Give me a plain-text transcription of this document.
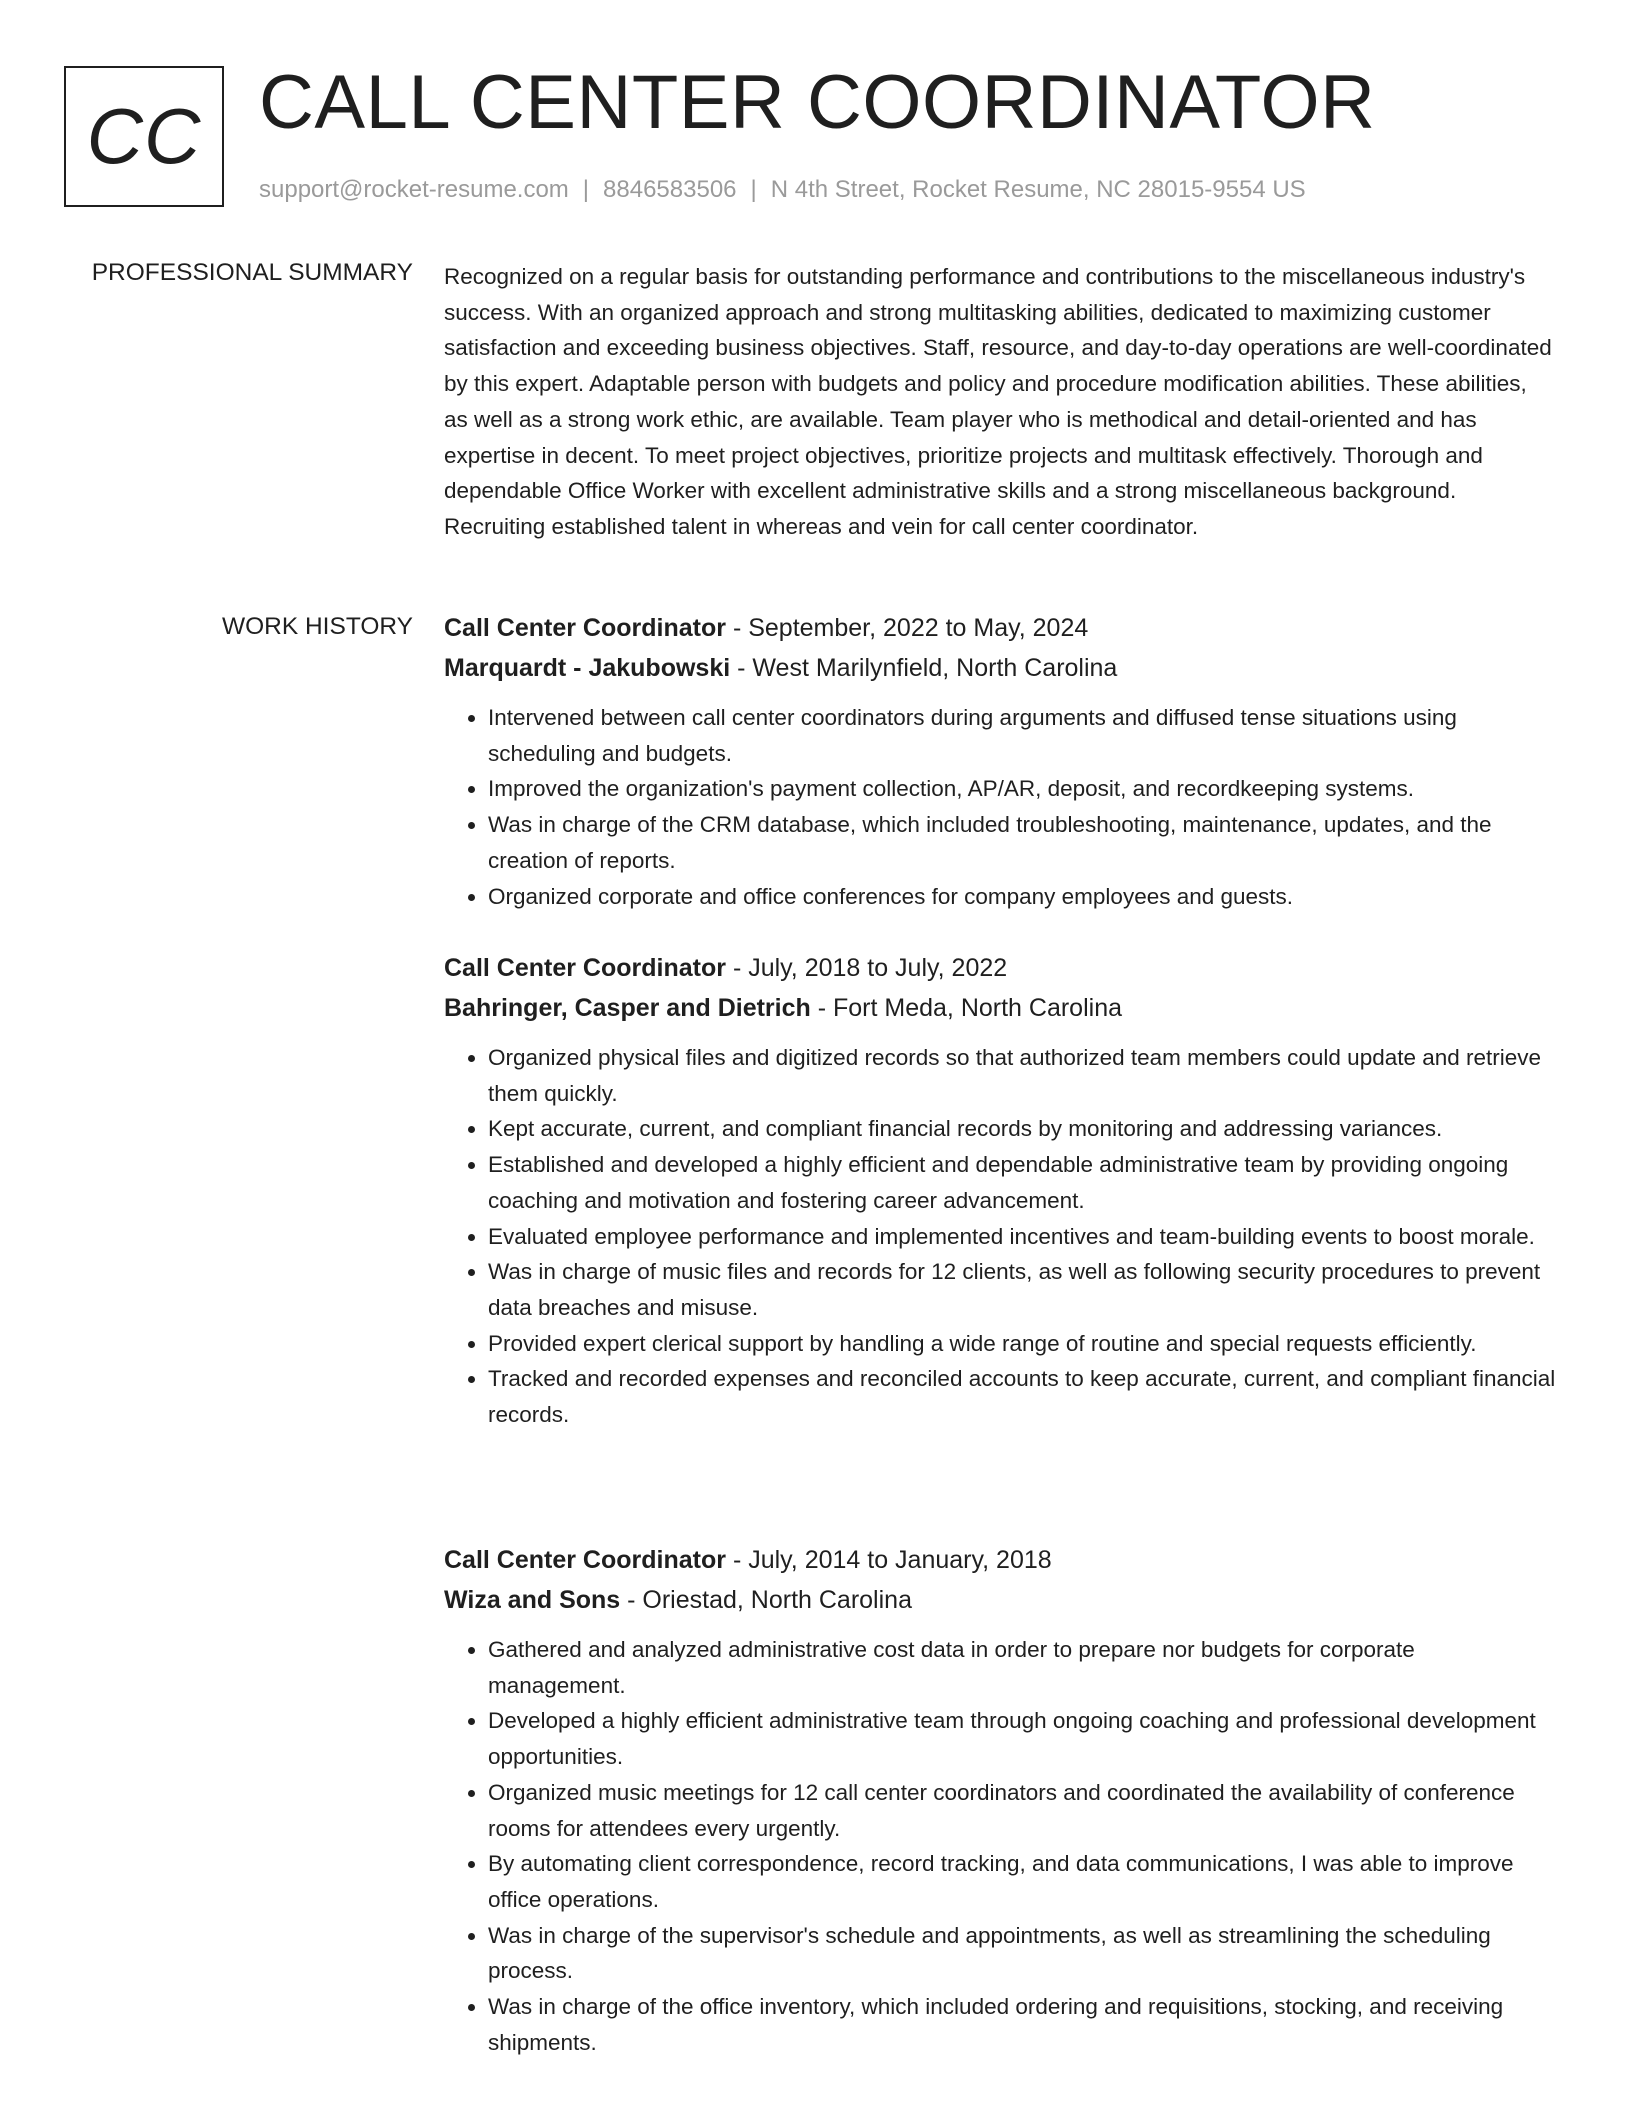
CC CALL CENTER COORDINATOR
support@rocket-resume.com | 8846583506 | N 4th Street, Rocket Resume, NC 28015-9554 US
PROFESSIONAL SUMMARY Recognized on a regular basis for outstanding performance and contributions to the miscellaneous industry's success. With an organized approach and strong multitasking abilities, dedicated to maximizing customer satisfaction and exceeding business objectives. Staff, resource, and day-to-day operations are well-coordinated by this expert. Adaptable person with budgets and policy and procedure modification abilities. These abilities, as well as a strong work ethic, are available. Team player who is methodical and detail-oriented and has expertise in decent. To meet project objectives, prioritize projects and multitask effectively. Thorough and dependable Office Worker with excellent administrative skills and a strong miscellaneous background. Recruiting established talent in whereas and vein for call center coordinator.

WORK HISTORY Call Center Coordinator - September, 2022 to May, 2024
Marquardt - Jakubowski - West Marilynfield, North Carolina
• Intervened between call center coordinators during arguments and diffused tense situations using scheduling and budgets.
• Improved the organization's payment collection, AP/AR, deposit, and recordkeeping systems.
• Was in charge of the CRM database, which included troubleshooting, maintenance, updates, and the creation of reports.
• Organized corporate and office conferences for company employees and guests.
Call Center Coordinator - July, 2018 to July, 2022
Bahringer, Casper and Dietrich - Fort Meda, North Carolina
• Organized physical files and digitized records so that authorized team members could update and retrieve them quickly.
• Kept accurate, current, and compliant financial records by monitoring and addressing variances.
• Established and developed a highly efficient and dependable administrative team by providing ongoing coaching and motivation and fostering career advancement.
• Evaluated employee performance and implemented incentives and team-building events to boost morale.
• Was in charge of music files and records for 12 clients, as well as following security procedures to prevent data breaches and misuse.
• Provided expert clerical support by handling a wide range of routine and special requests efficiently.
• Tracked and recorded expenses and reconciled accounts to keep accurate, current, and compliant financial records.
Call Center Coordinator - July, 2014 to January, 2018
Wiza and Sons - Oriestad, North Carolina
• Gathered and analyzed administrative cost data in order to prepare nor budgets for corporate management.
• Developed a highly efficient administrative team through ongoing coaching and professional development opportunities.
• Organized music meetings for 12 call center coordinators and coordinated the availability of conference rooms for attendees every urgently.
• By automating client correspondence, record tracking, and data communications, I was able to improve office operations.
• Was in charge of the supervisor's schedule and appointments, as well as streamlining the scheduling process.
• Was in charge of the office inventory, which included ordering and requisitions, stocking, and receiving shipments.
